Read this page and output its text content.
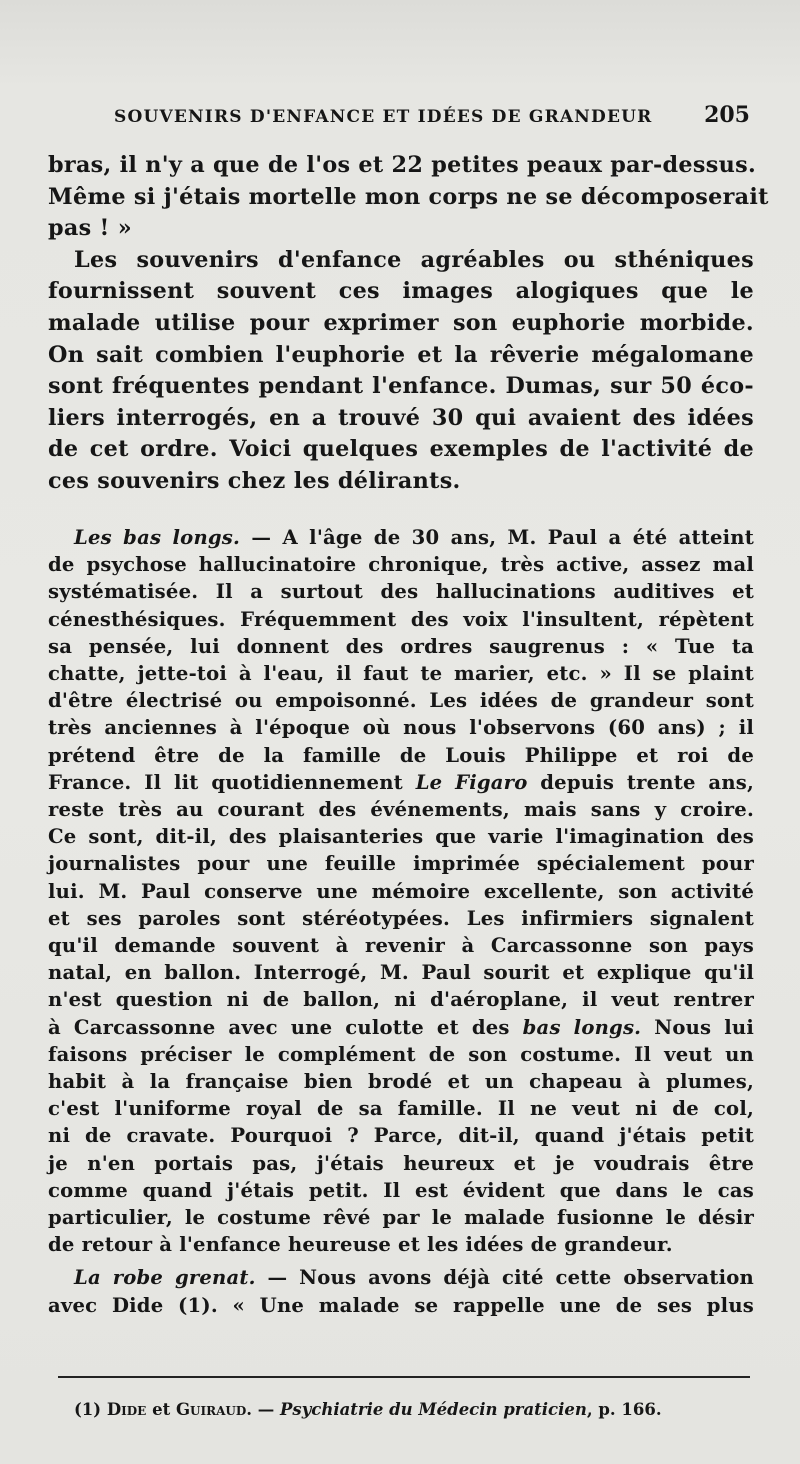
SOUVENIRS D'ENFANCE ET IDÉES DE GRANDEUR 205
bras, il n'y a que de l'os et 22 petites peaux par-dessus.
Même si j'étais mortelle mon corps ne se décomposerait
pas ! »
Les souvenirs d'enfance agréables ou sthéniques
fournissent souvent ces images alogiques que le
malade utilise pour exprimer son euphorie morbide.
On sait combien l'euphorie et la rêverie mégalomane
sont fréquentes pendant l'enfance. Dumas, sur 50 éco-
liers interrogés, en a trouvé 30 qui avaient des idées
de cet ordre. Voici quelques exemples de l'activité de
ces souvenirs chez les délirants.
Les bas longs. — A l'âge de 30 ans, M. Paul a été atteint
de psychose hallucinatoire chronique, très active, assez mal
systématisée. Il a surtout des hallucinations auditives et
cénesthésiques. Fréquemment des voix l'insultent, répètent
sa pensée, lui donnent des ordres saugrenus : « Tue ta
chatte, jette-toi à l'eau, il faut te marier, etc. » Il se plaint
d'être électrisé ou empoisonné. Les idées de grandeur sont
très anciennes à l'époque où nous l'observons (60 ans) ; il
prétend être de la famille de Louis Philippe et roi de
France. Il lit quotidiennement Le Figaro depuis trente ans,
reste très au courant des événements, mais sans y croire.
Ce sont, dit-il, des plaisanteries que varie l'imagination des
journalistes pour une feuille imprimée spécialement pour
lui. M. Paul conserve une mémoire excellente, son activité
et ses paroles sont stéréotypées. Les infirmiers signalent
qu'il demande souvent à revenir à Carcassonne son pays
natal, en ballon. Interrogé, M. Paul sourit et explique qu'il
n'est question ni de ballon, ni d'aéroplane, il veut rentrer
à Carcassonne avec une culotte et des bas longs. Nous lui
faisons préciser le complément de son costume. Il veut un
habit à la française bien brodé et un chapeau à plumes,
c'est l'uniforme royal de sa famille. Il ne veut ni de col,
ni de cravate. Pourquoi ? Parce, dit-il, quand j'étais petit
je n'en portais pas, j'étais heureux et je voudrais être
comme quand j'étais petit. Il est évident que dans le cas
particulier, le costume rêvé par le malade fusionne le désir
de retour à l'enfance heureuse et les idées de grandeur.
La robe grenat. — Nous avons déjà cité cette observation
avec Dide (1). « Une malade se rappelle une de ses plus
(1) Dide et Guiraud. — Psychiatrie du Médecin praticien, p. 166.
